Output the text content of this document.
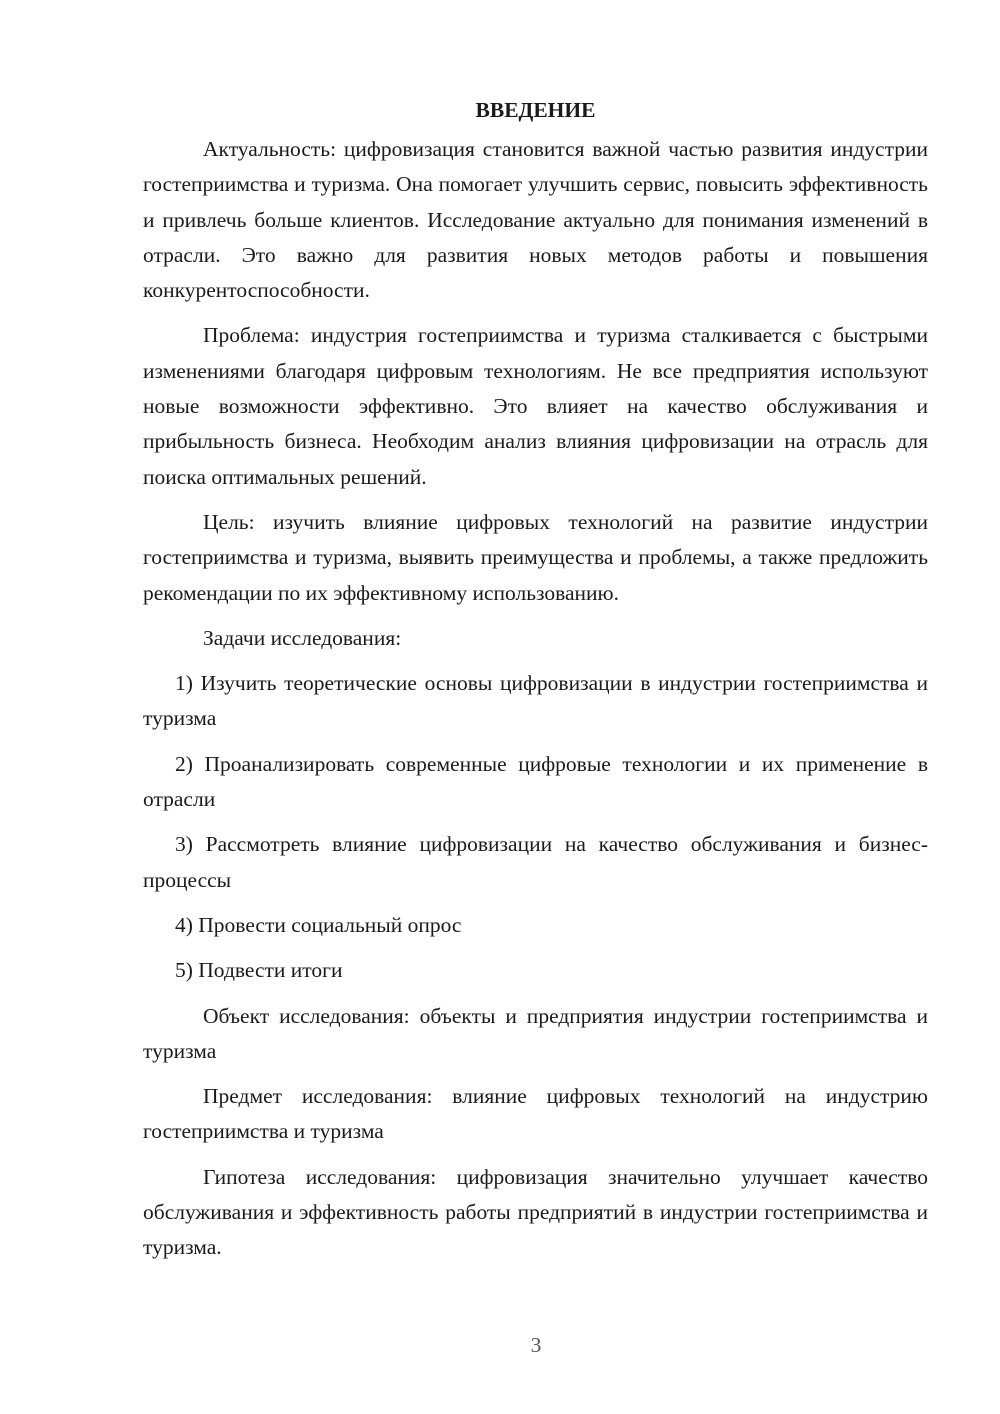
ВВЕДЕНИЕ

Актуальность: цифровизация становится важной частью развития индустрии гостеприимства и туризма. Она помогает улучшить сервис, повысить эффективность и привлечь больше клиентов. Исследование актуально для понимания изменений в отрасли. Это важно для развития новых методов работы и повышения конкурентоспособности.

Проблема: индустрия гостеприимства и туризма сталкивается с быстрыми изменениями благодаря цифровым технологиям. Не все предприятия используют новые возможности эффективно. Это влияет на качество обслуживания и прибыльность бизнеса. Необходим анализ влияния цифровизации на отрасль для поиска оптимальных решений.

Цель: изучить влияние цифровых технологий на развитие индустрии гостеприимства и туризма, выявить преимущества и проблемы, а также предложить рекомендации по их эффективному использованию.

Задачи исследования:

1) Изучить теоретические основы цифровизации в индустрии гостеприимства и туризма

2) Проанализировать современные цифровые технологии и их применение в отрасли

3) Рассмотреть влияние цифровизации на качество обслуживания и бизнес-процессы

4) Провести социальный опрос

5) Подвести итоги

Объект исследования: объекты и предприятия индустрии гостеприимства и туризма

Предмет исследования: влияние цифровых технологий на индустрию гостеприимства и туризма

Гипотеза исследования: цифровизация значительно улучшает качество обслуживания и эффективность работы предприятий в индустрии гостеприимства и туризма.

3
